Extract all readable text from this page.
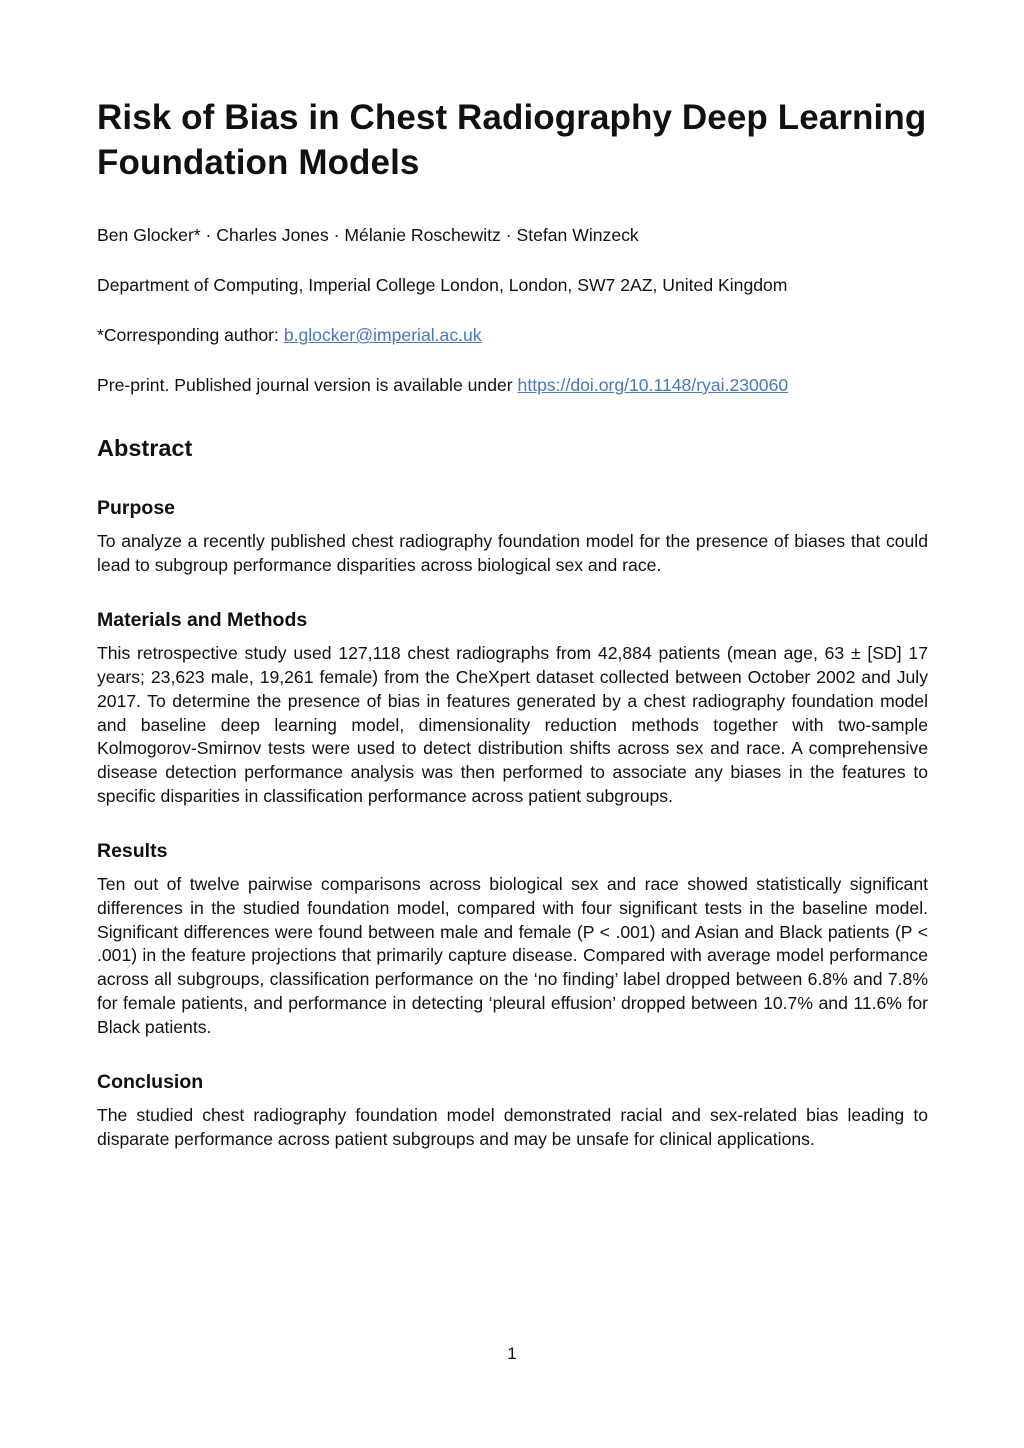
Risk of Bias in Chest Radiography Deep Learning Foundation Models

Ben Glocker* · Charles Jones · Mélanie Roschewitz · Stefan Winzeck

Department of Computing, Imperial College London, London, SW7 2AZ, United Kingdom

*Corresponding author: b.glocker@imperial.ac.uk

Pre-print. Published journal version is available under https://doi.org/10.1148/ryai.230060

Abstract
Purpose

To analyze a recently published chest radiography foundation model for the presence of biases that could lead to subgroup performance disparities across biological sex and race.

Materials and Methods

This retrospective study used 127,118 chest radiographs from 42,884 patients (mean age, 63 ± [SD] 17 years; 23,623 male, 19,261 female) from the CheXpert dataset collected between October 2002 and July 2017. To determine the presence of bias in features generated by a chest radiography foundation model and baseline deep learning model, dimensionality reduction methods together with two-sample Kolmogorov-Smirnov tests were used to detect distribution shifts across sex and race. A comprehensive disease detection performance analysis was then performed to associate any biases in the features to specific disparities in classification performance across patient subgroups.

Results

Ten out of twelve pairwise comparisons across biological sex and race showed statistically significant differences in the studied foundation model, compared with four significant tests in the baseline model. Significant differences were found between male and female (P < .001) and Asian and Black patients (P < .001) in the feature projections that primarily capture disease. Compared with average model performance across all subgroups, classification performance on the ‘no finding’ label dropped between 6.8% and 7.8% for female patients, and performance in detecting ‘pleural effusion’ dropped between 10.7% and 11.6% for Black patients.

Conclusion

The studied chest radiography foundation model demonstrated racial and sex-related bias leading to disparate performance across patient subgroups and may be unsafe for clinical applications.

1
